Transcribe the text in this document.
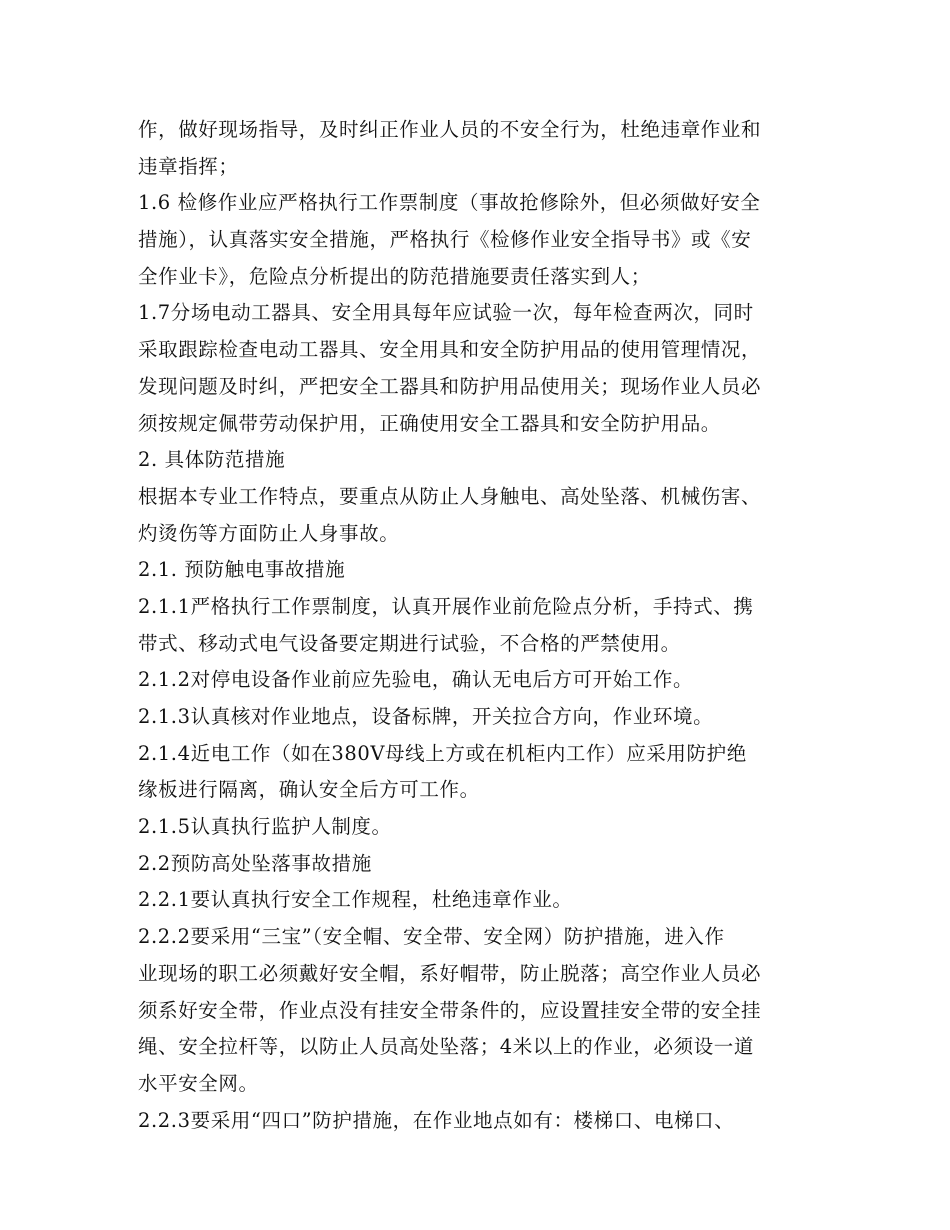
作，做好现场指导，及时纠正作业人员的不安全行为，杜绝违章作业和
违章指挥；
1.6 检修作业应严格执行工作票制度（事故抢修除外，但必须做好安全
措施），认真落实安全措施，严格执行《检修作业安全指导书》或《安
全作业卡》，危险点分析提出的防范措施要责任落实到人；
1.7分场电动工器具、安全用具每年应试验一次，每年检查两次，同时
采取跟踪检查电动工器具、安全用具和安全防护用品的使用管理情况，
发现问题及时纠，严把安全工器具和防护用品使用关；现场作业人员必
须按规定佩带劳动保护用，正确使用安全工器具和安全防护用品。
2. 具体防范措施
根据本专业工作特点，要重点从防止人身触电、高处坠落、机械伤害、
灼烫伤等方面防止人身事故。
2.1. 预防触电事故措施
2.1.1严格执行工作票制度，认真开展作业前危险点分析，手持式、携
带式、移动式电气设备要定期进行试验，不合格的严禁使用。
2.1.2对停电设备作业前应先验电，确认无电后方可开始工作。
2.1.3认真核对作业地点，设备标牌，开关拉合方向，作业环境。
2.1.4近电工作（如在380V母线上方或在机柜内工作）应采用防护绝
缘板进行隔离，确认安全后方可工作。
2.1.5认真执行监护人制度。
2.2预防高处坠落事故措施
2.2.1要认真执行安全工作规程，杜绝违章作业。
2.2.2要采用“三宝”（安全帽、安全带、安全网）防护措施，进入作
业现场的职工必须戴好安全帽，系好帽带，防止脱落；高空作业人员必
须系好安全带，作业点没有挂安全带条件的，应设置挂安全带的安全挂
绳、安全拉杆等，以防止人员高处坠落；4米以上的作业，必须设一道
水平安全网。
2.2.3要采用“四口”防护措施，在作业地点如有：楼梯口、电梯口、
